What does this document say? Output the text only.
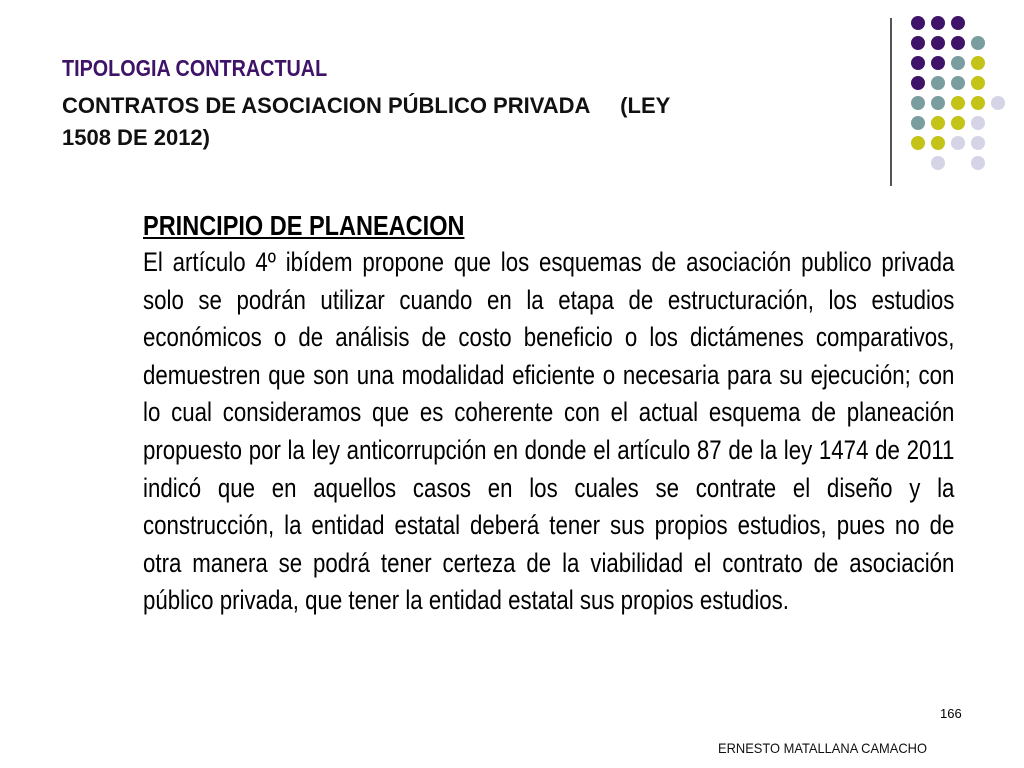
TIPOLOGIA CONTRACTUAL
CONTRATOS DE ASOCIACION PÚBLICO PRIVADA     (LEY
1508 DE 2012)
PRINCIPIO DE PLANEACION

El artículo 4º ibídem propone que los esquemas de asociación publico privada solo se podrán utilizar cuando en la etapa de estructuración, los estudios económicos o de análisis de costo beneficio o los dictámenes comparativos, demuestren que son una modalidad eficiente o necesaria para su ejecución; con lo cual consideramos que es coherente con el actual esquema de planeación propuesto por la ley anticorrupción en donde el artículo 87 de la ley 1474 de 2011 indicó que en aquellos casos en los cuales se contrate el diseño y la construcción, la entidad estatal deberá tener sus propios estudios, pues no de otra manera se podrá tener certeza de la viabilidad el contrato de asociación público privada, que tener la entidad estatal sus propios estudios.

166
ERNESTO MATALLANA CAMACHO
